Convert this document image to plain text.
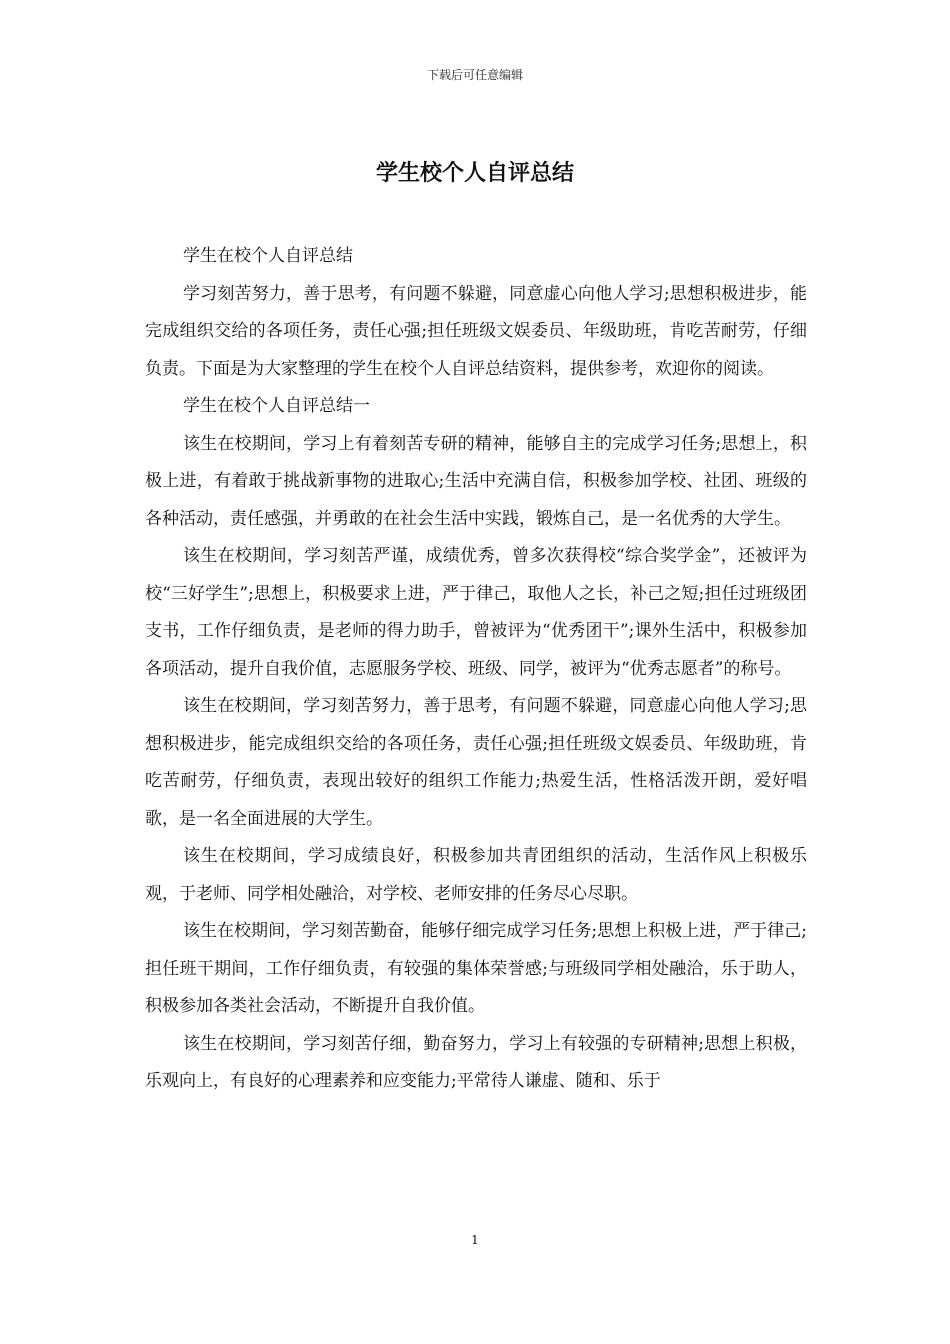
下载后可任意编辑
学生校个人自评总结

学生在校个人自评总结

学习刻苦努力，善于思考，有问题不躲避，同意虚心向他人学习;思想积极进步，能完成组织交给的各项任务，责任心强;担任班级文娱委员、年级助班，肯吃苦耐劳，仔细负责。下面是为大家整理的学生在校个人自评总结资料，提供参考，欢迎你的阅读。

学生在校个人自评总结一

该生在校期间，学习上有着刻苦专研的精神，能够自主的完成学习任务;思想上，积极上进，有着敢于挑战新事物的进取心;生活中充满自信，积极参加学校、社团、班级的各种活动，责任感强，并勇敢的在社会生活中实践，锻炼自己，是一名优秀的大学生。

该生在校期间，学习刻苦严谨，成绩优秀，曾多次获得校“综合奖学金”，还被评为校“三好学生”;思想上，积极要求上进，严于律己，取他人之长，补己之短;担任过班级团支书，工作仔细负责，是老师的得力助手，曾被评为“优秀团干”;课外生活中，积极参加各项活动，提升自我价值，志愿服务学校、班级、同学，被评为“优秀志愿者”的称号。

该生在校期间，学习刻苦努力，善于思考，有问题不躲避，同意虚心向他人学习;思想积极进步，能完成组织交给的各项任务，责任心强;担任班级文娱委员、年级助班，肯吃苦耐劳，仔细负责，表现出较好的组织工作能力;热爱生活，性格活泼开朗，爱好唱歌，是一名全面进展的大学生。

该生在校期间，学习成绩良好，积极参加共青团组织的活动，生活作风上积极乐观，于老师、同学相处融洽，对学校、老师安排的任务尽心尽职。

该生在校期间，学习刻苦勤奋，能够仔细完成学习任务;思想上积极上进，严于律己;担任班干期间，工作仔细负责，有较强的集体荣誉感;与班级同学相处融洽，乐于助人，积极参加各类社会活动，不断提升自我价值。

该生在校期间，学习刻苦仔细，勤奋努力，学习上有较强的专研精神;思想上积极，乐观向上，有良好的心理素养和应变能力;平常待人谦虚、随和、乐于

1
